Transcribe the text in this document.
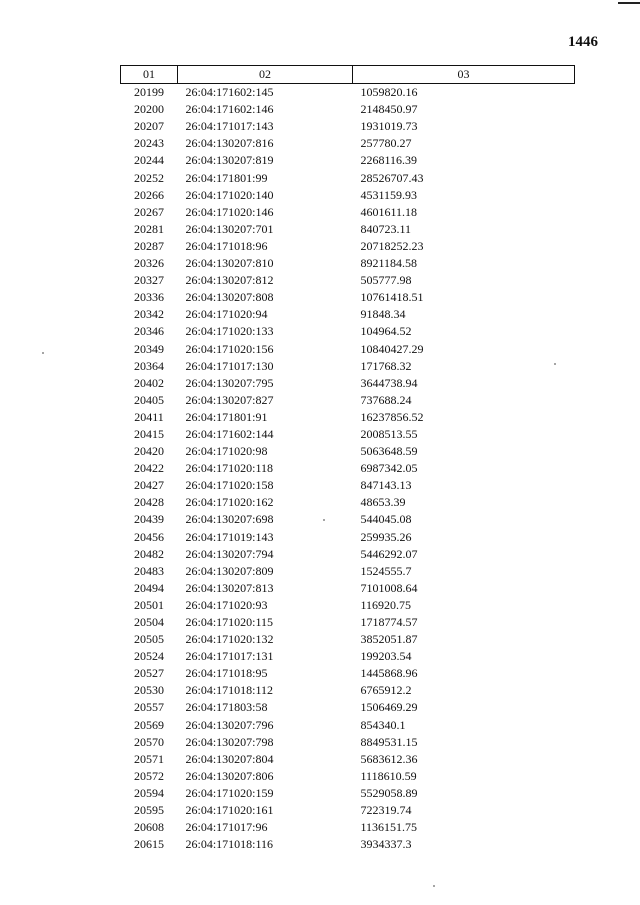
1446
01	02	03
20199	26:04:171602:145	1059820.16
20200	26:04:171602:146	2148450.97
20207	26:04:171017:143	1931019.73
20243	26:04:130207:816	257780.27
20244	26:04:130207:819	2268116.39
20252	26:04:171801:99	28526707.43
20266	26:04:171020:140	4531159.93
20267	26:04:171020:146	4601611.18
20281	26:04:130207:701	840723.11
20287	26:04:171018:96	20718252.23
20326	26:04:130207:810	8921184.58
20327	26:04:130207:812	505777.98
20336	26:04:130207:808	10761418.51
20342	26:04:171020:94	91848.34
20346	26:04:171020:133	104964.52
20349	26:04:171020:156	10840427.29
20364	26:04:171017:130	171768.32
20402	26:04:130207:795	3644738.94
20405	26:04:130207:827	737688.24
20411	26:04:171801:91	16237856.52
20415	26:04:171602:144	2008513.55
20420	26:04:171020:98	5063648.59
20422	26:04:171020:118	6987342.05
20427	26:04:171020:158	847143.13
20428	26:04:171020:162	48653.39
20439	26:04:130207:698	544045.08
20456	26:04:171019:143	259935.26
20482	26:04:130207:794	5446292.07
20483	26:04:130207:809	1524555.7
20494	26:04:130207:813	7101008.64
20501	26:04:171020:93	116920.75
20504	26:04:171020:115	1718774.57
20505	26:04:171020:132	3852051.87
20524	26:04:171017:131	199203.54
20527	26:04:171018:95	1445868.96
20530	26:04:171018:112	6765912.2
20557	26:04:171803:58	1506469.29
20569	26:04:130207:796	854340.1
20570	26:04:130207:798	8849531.15
20571	26:04:130207:804	5683612.36
20572	26:04:130207:806	1118610.59
20594	26:04:171020:159	5529058.89
20595	26:04:171020:161	722319.74
20608	26:04:171017:96	1136151.75
20615	26:04:171018:116	3934337.3
